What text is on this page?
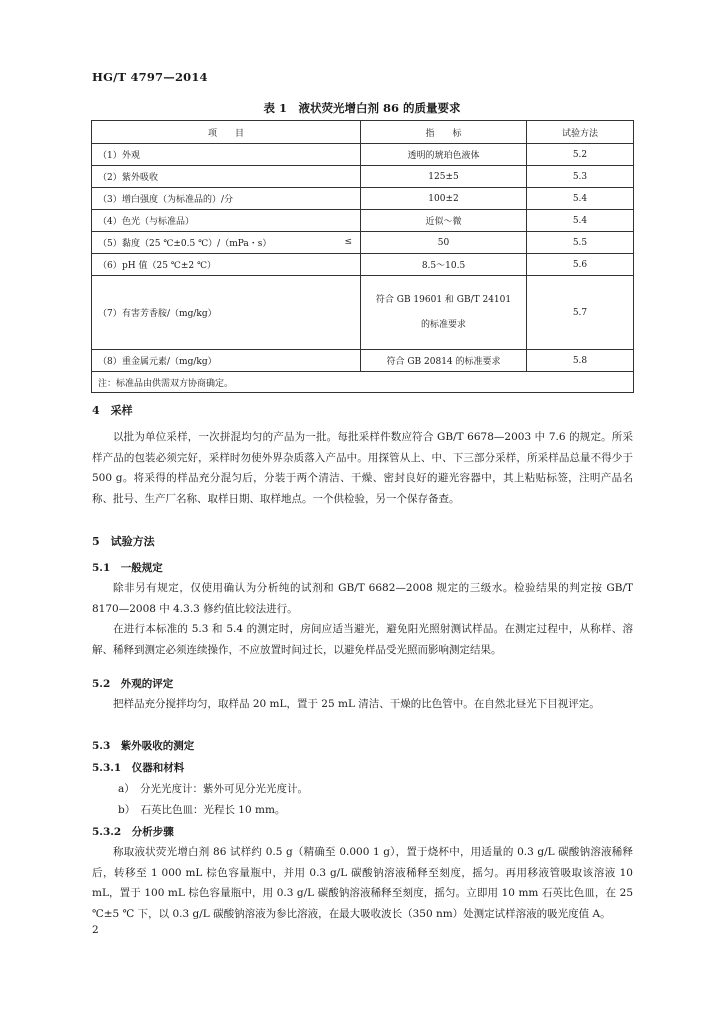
HG/T 4797—2014
表 1　液状荧光增白剂 86 的质量要求
项　　目	指　　标	试验方法
（1）外观	透明的琥珀色液体	5.2
（2）紫外吸收	125±5	5.3
（3）增白强度（为标准品的）/分	100±2	5.4
（4）色光（与标准品）	近似～微	5.4
（5）黏度（25 ℃±0.5 ℃）/（mPa・s） ≤	50	5.5
（6）pH 值（25 ℃±2 ℃）	8.5～10.5	5.6
（7）有害芳香胺/（mg/kg）	符合 GB 19601 和 GB/T 24101
的标准要求	5.7
（8）重金属元素/（mg/kg）	符合 GB 20814 的标准要求	5.8
注：标准品由供需双方协商确定。		
4　采样
以批为单位采样，一次拼混均匀的产品为一批。每批采样件数应符合 GB/T 6678—2003 中 7.6 的规定。所采样产品的包装必须完好，采样时勿使外界杂质落入产品中。用探管从上、中、下三部分采样，所采样品总量不得少于 500 g。将采得的样品充分混匀后，分装于两个清洁、干燥、密封良好的避光容器中，其上粘贴标签，注明产品名称、批号、生产厂名称、取样日期、取样地点。一个供检验，另一个保存备查。
5　试验方法
5.1　一般规定
除非另有规定，仅使用确认为分析纯的试剂和 GB/T 6682—2008 规定的三级水。检验结果的判定按 GB/T 8170—2008 中 4.3.3 修约值比较法进行。
在进行本标准的 5.3 和 5.4 的测定时，房间应适当避光，避免阳光照射测试样品。在测定过程中，从称样、溶解、稀释到测定必须连续操作，不应放置时间过长，以避免样品受光照而影响测定结果。
5.2　外观的评定
把样品充分搅拌均匀，取样品 20 mL，置于 25 mL 清洁、干燥的比色管中。在自然北昼光下目视评定。
5.3　紫外吸收的测定
5.3.1　仪器和材料
a）　分光光度计：紫外可见分光光度计。
b）　石英比色皿：光程长 10 mm。
5.3.2　分析步骤
称取液状荧光增白剂 86 试样约 0.5 g（精确至 0.000 1 g），置于烧杯中，用适量的 0.3 g/L 碳酸钠溶液稀释后，转移至 1 000 mL 棕色容量瓶中，并用 0.3 g/L 碳酸钠溶液稀释至刻度，摇匀。再用移液管吸取该溶液 10 mL，置于 100 mL 棕色容量瓶中，用 0.3 g/L 碳酸钠溶液稀释至刻度，摇匀。立即用 10 mm 石英比色皿，在 25 ℃±5 ℃ 下，以 0.3 g/L 碳酸钠溶液为参比溶液，在最大吸收波长（350 nm）处测定试样溶液的吸光度值 A。
2
